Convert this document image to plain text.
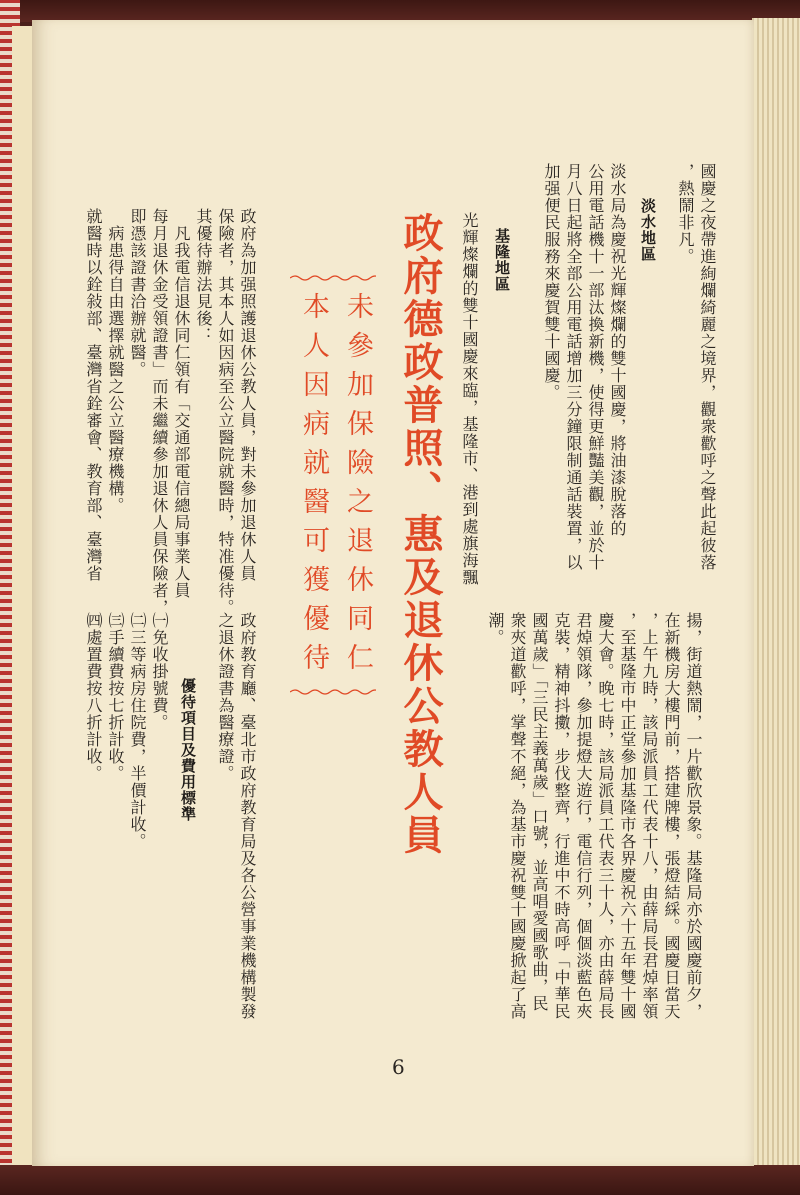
國慶之夜帶進絢爛綺麗之境界，觀衆歡呼之聲此起彼落
，熱鬧非凡。
淡水地區
淡水局為慶祝光輝燦爛的雙十國慶，將油漆脫落的
公用電話機十一部汰換新機，使得更鮮豔美觀，並於十
月八日起將全部公用電話增加三分鐘限制通話裝置，以
加强便民服務來慶賀雙十國慶。
基隆地區
光輝燦爛的雙十國慶來臨，基隆市、港到處旗海飄
揚，街道熱鬧，一片歡欣景象。基隆局亦於國慶前夕，
在新機房大樓門前，搭建牌樓，張燈結綵。國慶日當天
，上午九時，該局派員工代表十八，由薛局長君焯率領
，至基隆市中正堂參加基隆市各界慶祝六十五年雙十國
慶大會。晚七時，該局派員工代表三十人，亦由薛局長
君焯領隊，參加提燈大遊行，電信行列，個個淡藍色夾
克裝，精神抖擻，步伐整齊，行進中不時高呼「中華民
國萬歲」「三民主義萬歲」口號，並高唱愛國歌曲，民
衆夾道歡呼，掌聲不絕，為基市慶祝雙十國慶掀起了高
潮。
政府德政普照、惠及退休公教人員
未參加保險之退休同仁
本人因病就醫可獲優待
政府為加强照護退休公教人員，對未參加退休人員
保險者，其本人如因病至公立醫院就醫時，特准優待。
其優待辦法見後：
　凡我電信退休同仁領有「交通部電信總局事業人員
每月退休金受領證書」而未繼續參加退休人員保險者，
即憑該證書洽辦就醫。
　病患得自由選擇就醫之公立醫療機構。
就醫時以銓敍部、臺灣省銓審會、教育部、臺灣省
政府教育廳、臺北市政府教育局及各公營事業機構製發
之退休證書為醫療證。
優待項目及費用標準
㈠免收掛號費。
㈡三等病房住院費，半價計收。
㈢手續費按七折計收。
㈣處置費按八折計收。
6
